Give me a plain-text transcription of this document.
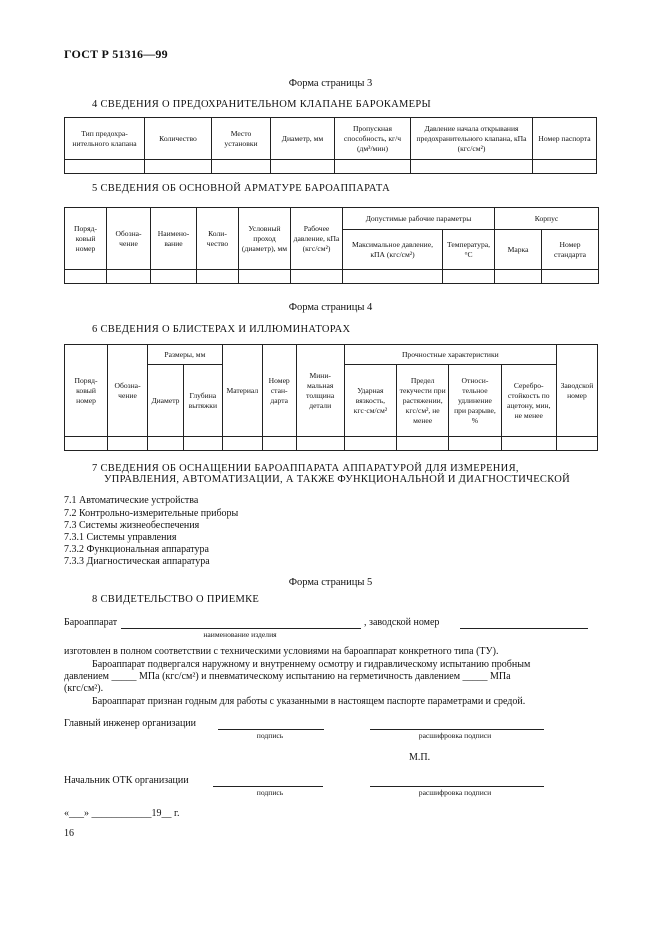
ГОСТ Р 51316—99
Форма страницы 3
4 СВЕДЕНИЯ О ПРЕДОХРАНИТЕЛЬНОМ КЛАПАНЕ БАРОКАМЕРЫ
Тип предохранительного клапана	Количество	Место установки	Диаметр, мм	Пропускная способность, кг/ч (дм³/мин)	Давление начала открывания предохранительного клапана, кПа (кгс/см²)	Номер паспорта

5 СВЕДЕНИЯ ОБ ОСНОВНОЙ АРМАТУРЕ БАРОАППАРАТА
Порядковый номер	Обозначение	Наименование	Количество	Условный проход (диаметр), мм	Рабочее давление, кПа (кгс/см²)	Допустимые рабочие параметры		Корпус	
						Максимальное давление, кПА (кгс/см²)	Температура, °С	Марка	Номер стандарта

Форма страницы 4
6 СВЕДЕНИЯ О БЛИСТЕРАХ И ИЛЛЮМИНАТОРАХ
Порядковый номер	Обозначение	Размеры, мм		Материал	Номер стандарта	Минимальная толщина детали	Прочностные характеристики				Заводской номер
		Диаметр	Глубина вытяжки				Ударная вязкость, кгс·см/см²	Предел текучести при растяжении, кгс/см², не менее	Относительное удлинение при разрыве, %	Серебростойкость по ацетону, мин, не менее	

7 СВЕДЕНИЯ ОБ ОСНАЩЕНИИ БАРОАППАРАТА АППАРАТУРОЙ ДЛЯ ИЗМЕРЕНИЯ,
УПРАВЛЕНИЯ, АВТОМАТИЗАЦИИ, А ТАКЖЕ ФУНКЦИОНАЛЬНОЙ И ДИАГНОСТИЧЕСКОЙ
7.1 Автоматические устройства
7.2 Контрольно-измерительные приборы
7.3 Системы жизнеобеспечения
7.3.1 Системы управления
7.3.2 Функциональная аппаратура
7.3.3 Диагностическая аппаратура
Форма страницы 5
8 СВИДЕТЕЛЬСТВО О ПРИЕМКЕ
Бароаппарат	, заводской номер
наименование изделия
изготовлен в полном соответствии с техническими условиями на бароаппарат конкретного типа (ТУ).
Бароаппарат подвергался наружному и внутреннему осмотру и гидравлическому испытанию пробным
давлением _____ МПа (кгс/см²) и пневматическому испытанию на герметичность давлением _____ МПа
(кгс/см²).
Бароаппарат признан годным для работы с указанными в настоящем паспорте параметрами и средой.
Главный инженер организации
подпись	расшифровка подписи
М.П.
Начальник ОТК организации
подпись	расшифровка подписи
«___» ____________19__ г.
16
